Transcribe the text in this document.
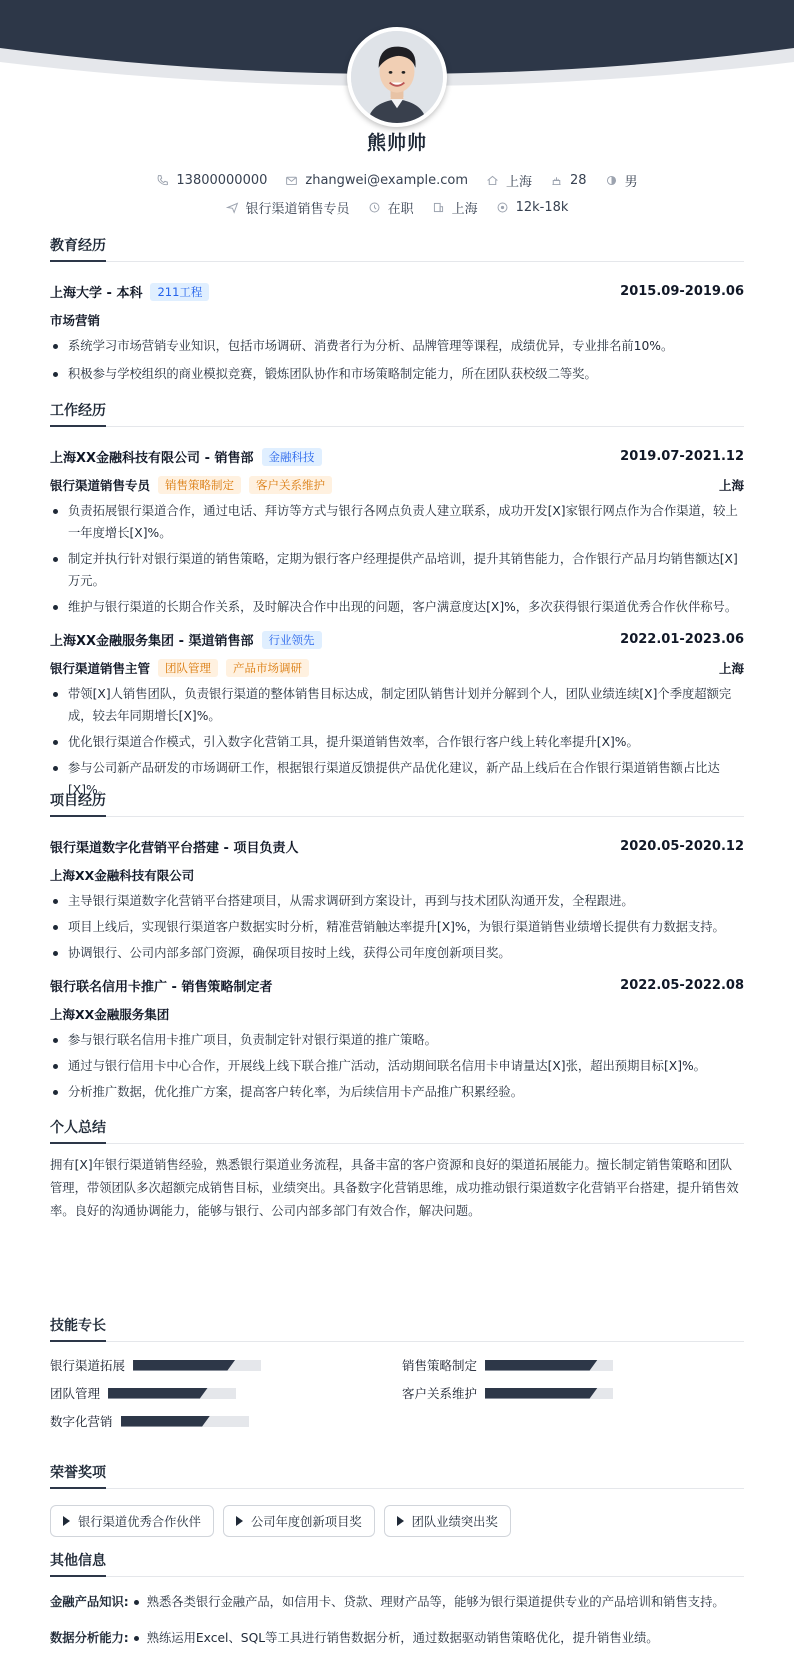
熊帅帅
13800000000	zhangwei@example.com	上海	28	男
银行渠道销售专员	在职	上海	12k-18k
教育经历
上海大学 - 本科	211工程	2015.09-2019.06
市场营销
系统学习市场营销专业知识，包括市场调研、消费者行为分析、品牌管理等课程，成绩优异，专业排名前10%。
积极参与学校组织的商业模拟竞赛，锻炼团队协作和市场策略制定能力，所在团队获校级二等奖。
工作经历
上海XX金融科技有限公司 - 销售部	金融科技	2019.07-2021.12
银行渠道销售专员	销售策略制定	客户关系维护	上海
负责拓展银行渠道合作，通过电话、拜访等方式与银行各网点负责人建立联系，成功开发[X]家银行网点作为合作渠道，较上一年度增长[X]%。
制定并执行针对银行渠道的销售策略，定期为银行客户经理提供产品培训，提升其销售能力，合作银行产品月均销售额达[X]万元。
维护与银行渠道的长期合作关系，及时解决合作中出现的问题，客户满意度达[X]%，多次获得银行渠道优秀合作伙伴称号。
上海XX金融服务集团 - 渠道销售部	行业领先	2022.01-2023.06
银行渠道销售主管	团队管理	产品市场调研	上海
带领[X]人销售团队，负责银行渠道的整体销售目标达成，制定团队销售计划并分解到个人，团队业绩连续[X]个季度超额完成，较去年同期增长[X]%。
优化银行渠道合作模式，引入数字化营销工具，提升渠道销售效率，合作银行客户线上转化率提升[X]%。
参与公司新产品研发的市场调研工作，根据银行渠道反馈提供产品优化建议，新产品上线后在合作银行渠道销售额占比达[X]%。
项目经历
银行渠道数字化营销平台搭建 - 项目负责人	2020.05-2020.12
上海XX金融科技有限公司
主导银行渠道数字化营销平台搭建项目，从需求调研到方案设计，再到与技术团队沟通开发，全程跟进。
项目上线后，实现银行渠道客户数据实时分析，精准营销触达率提升[X]%，为银行渠道销售业绩增长提供有力数据支持。
协调银行、公司内部多部门资源，确保项目按时上线，获得公司年度创新项目奖。
银行联名信用卡推广 - 销售策略制定者	2022.05-2022.08
上海XX金融服务集团
参与银行联名信用卡推广项目，负责制定针对银行渠道的推广策略。
通过与银行信用卡中心合作，开展线上线下联合推广活动，活动期间联名信用卡申请量达[X]张，超出预期目标[X]%。
分析推广数据，优化推广方案，提高客户转化率，为后续信用卡产品推广积累经验。
个人总结
拥有[X]年银行渠道销售经验，熟悉银行渠道业务流程，具备丰富的客户资源和良好的渠道拓展能力。擅长制定销售策略和团队管理，带领团队多次超额完成销售目标，业绩突出。具备数字化营销思维，成功推动银行渠道数字化营销平台搭建，提升销售效率。良好的沟通协调能力，能够与银行、公司内部多部门有效合作，解决问题。
技能专长
银行渠道拓展	销售策略制定
团队管理	客户关系维护
数字化营销
荣誉奖项
银行渠道优秀合作伙伴	公司年度创新项目奖	团队业绩突出奖
其他信息
金融产品知识:	熟悉各类银行金融产品，如信用卡、贷款、理财产品等，能够为银行渠道提供专业的产品培训和销售支持。
数据分析能力:	熟练运用Excel、SQL等工具进行销售数据分析，通过数据驱动销售策略优化，提升销售业绩。
